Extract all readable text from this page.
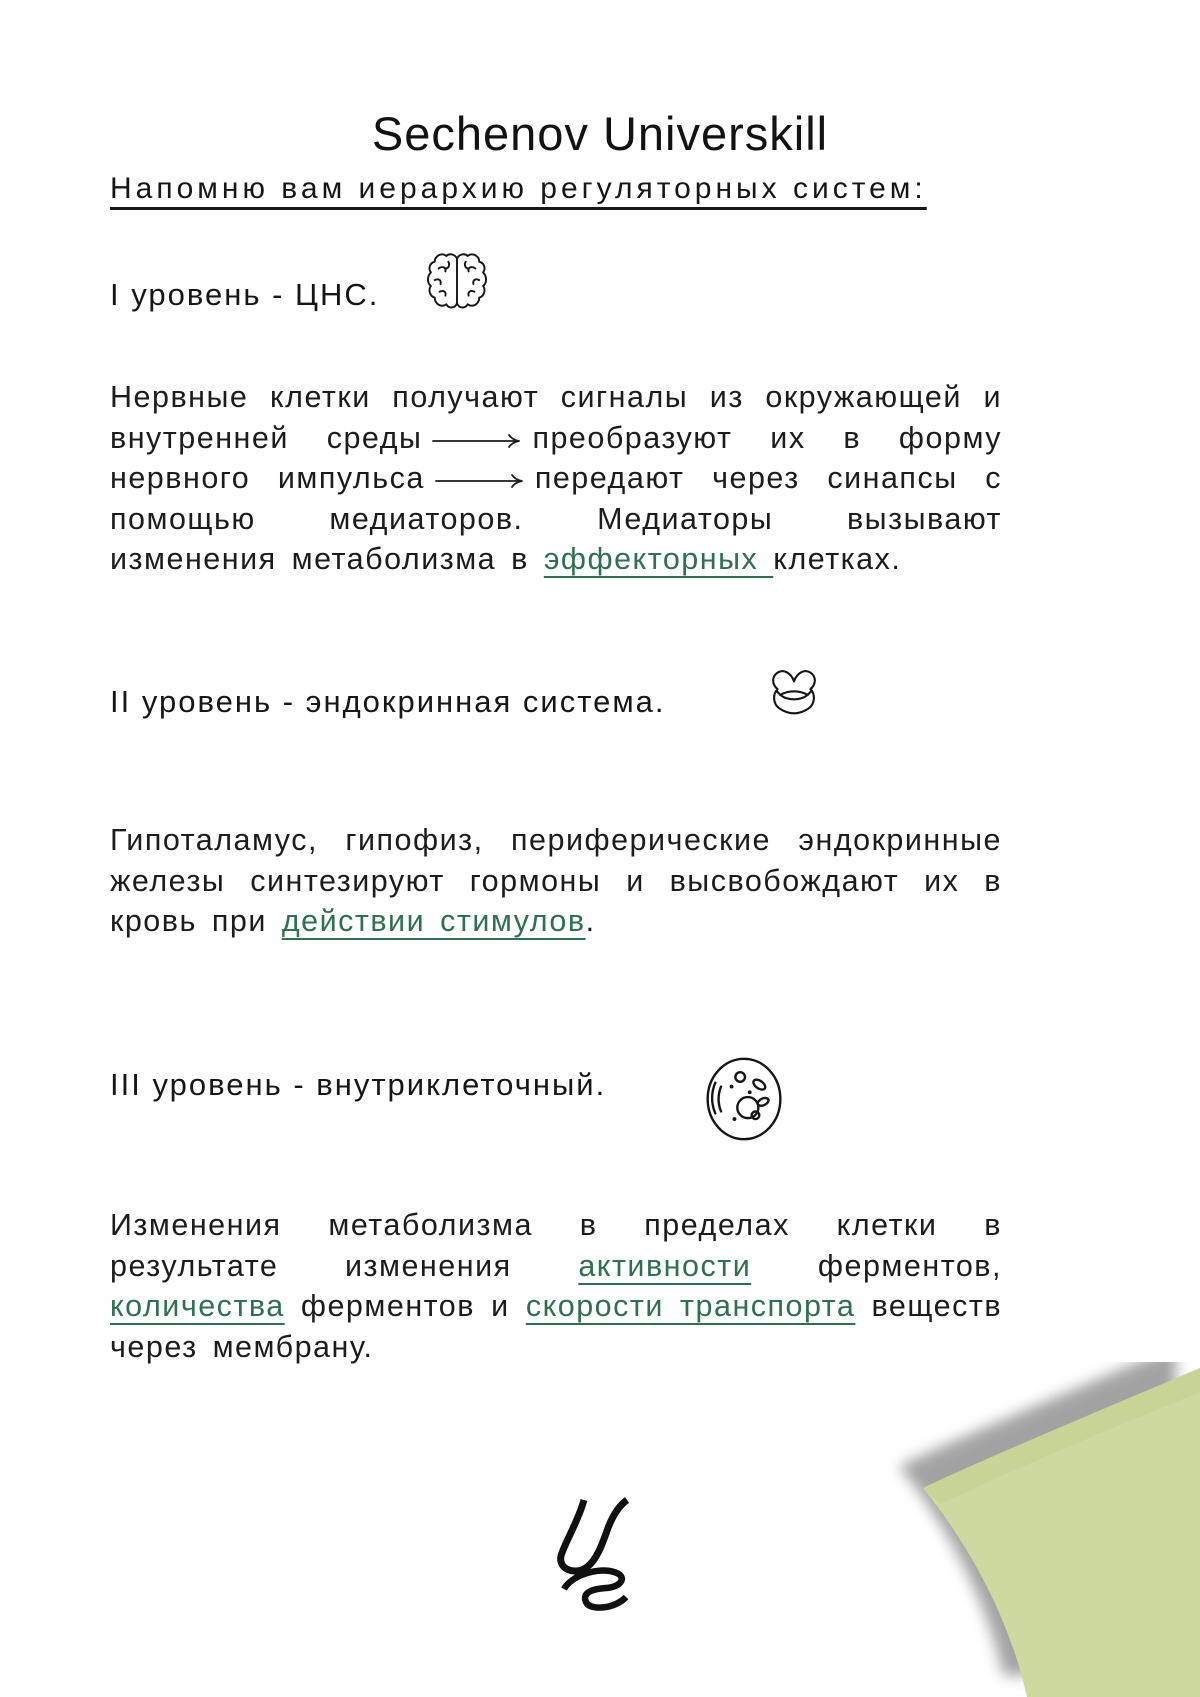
Sechenov Universkill
Напомню вам иерархию регуляторных систем:
I уровень - ЦНС.

Нервные клетки получают сигналы из окружающей и внутренней среды	преобразуют их в форму нервного импульса	передают через синапсы с помощью медиаторов. Медиаторы вызывают изменения метаболизма в эффекторных клетках.

II уровень - эндокринная система.

Гипоталамус, гипофиз, периферические эндокринные железы синтезируют гормоны и высвобождают их в кровь при действии стимулов.

III уровень - внутриклеточный.

Изменения метаболизма в пределах клетки в результате изменения активности ферментов, количества ферментов и скорости транспорта веществ через мембрану.
